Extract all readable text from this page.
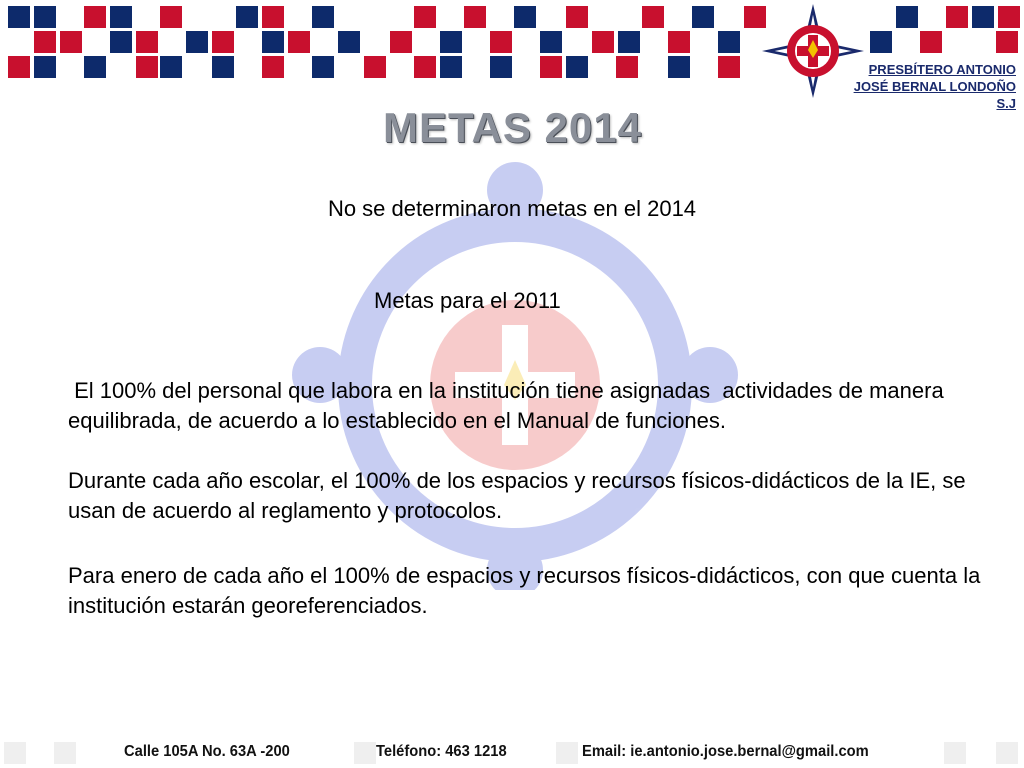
PRESBÍTERO ANTONIO
JOSÉ BERNAL LONDOÑO
S.J
METAS 2014
No se determinaron metas en el 2014
Metas para el 2011
El 100% del personal que labora en la institución tiene asignadas  actividades de manera equilibrada, de acuerdo a lo establecido en el Manual de funciones.
Durante cada año escolar, el 100% de los espacios y recursos físicos-didácticos de la IE, se usan de acuerdo al reglamento y protocolos.
Para enero de cada año el 100% de espacios y recursos físicos-didácticos, con que cuenta la institución estarán georeferenciados.
Calle 105A No. 63A -200	Teléfono: 463 1218	Email: ie.antonio.jose.bernal@gmail.com
